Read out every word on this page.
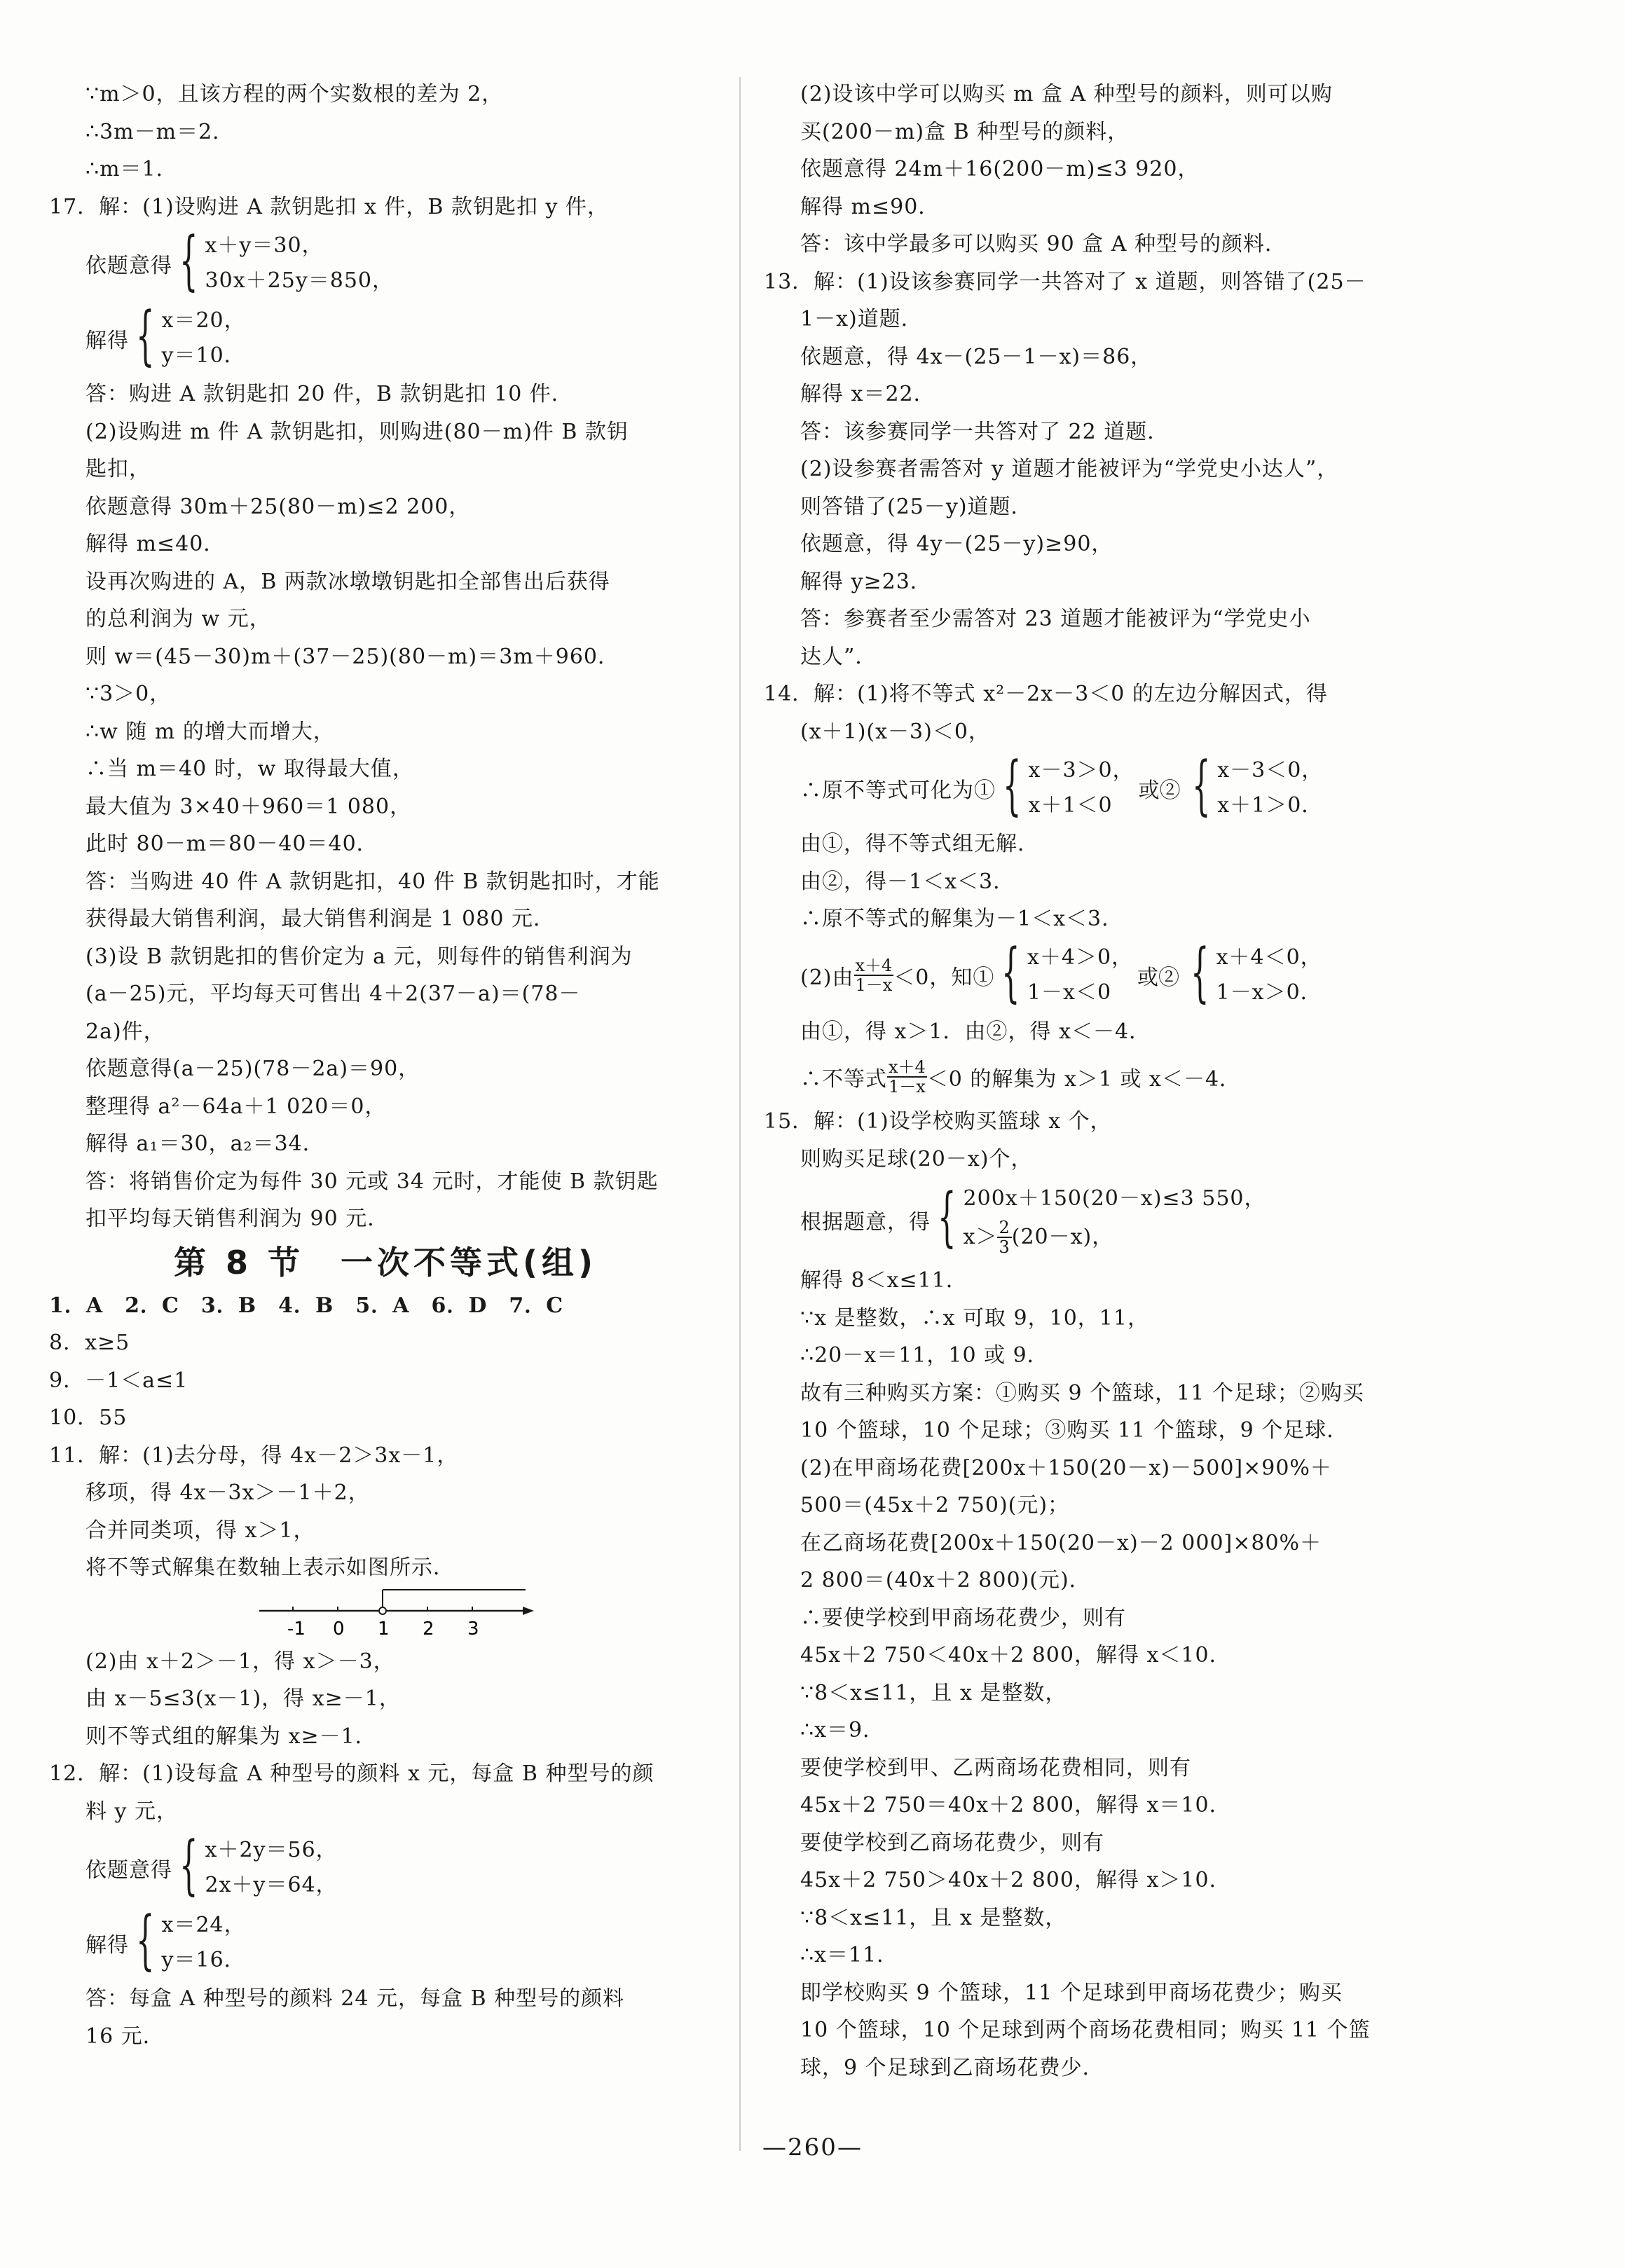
∵m＞0，且该方程的两个实数根的差为 2，
∴3m－m＝2．
∴m＝1．
17．解：(1)设购进 A 款钥匙扣 x 件，B 款钥匙扣 y 件，
依题意得 { x＋y＝30，
30x＋25y＝850，
解得 { x＝20，
y＝10．
答：购进 A 款钥匙扣 20 件，B 款钥匙扣 10 件．
(2)设购进 m 件 A 款钥匙扣，则购进(80－m)件 B 款钥
匙扣，
依题意得 30m＋25(80－m)≤2 200，
解得 m≤40．
设再次购进的 A，B 两款冰墩墩钥匙扣全部售出后获得
的总利润为 w 元，
则 w＝(45－30)m＋(37－25)(80－m)＝3m＋960．
∵3＞0，
∴w 随 m 的增大而增大，
∴当 m＝40 时，w 取得最大值，
最大值为 3×40＋960＝1 080，
此时 80－m＝80－40＝40．
答：当购进 40 件 A 款钥匙扣，40 件 B 款钥匙扣时，才能
获得最大销售利润，最大销售利润是 1 080 元．
(3)设 B 款钥匙扣的售价定为 a 元，则每件的销售利润为
(a－25)元，平均每天可售出 4＋2(37－a)＝(78－
2a)件，
依题意得(a－25)(78－2a)＝90，
整理得 a²－64a＋1 020＝0，
解得 a₁＝30，a₂＝34．
答：将销售价定为每件 30 元或 34 元时，才能使 B 款钥匙
扣平均每天销售利润为 90 元．
第 8 节　一次不等式(组)
1．A　2．C　3．B　4．B　5．A　6．D　7．C
8．x≥5
9．－1＜a≤1
10．55
11．解：(1)去分母，得 4x－2＞3x－1，
移项，得 4x－3x＞－1＋2，
合并同类项，得 x＞1，
将不等式解集在数轴上表示如图所示．
-1 0 1 2 3
(2)由 x＋2＞－1，得 x＞－3，
由 x－5≤3(x－1)，得 x≥－1，
则不等式组的解集为 x≥－1．
12．解：(1)设每盒 A 种型号的颜料 x 元，每盒 B 种型号的颜
料 y 元，
依题意得 { x＋2y＝56，
2x＋y＝64，
解得 { x＝24，
y＝16．
答：每盒 A 种型号的颜料 24 元，每盒 B 种型号的颜料
16 元．
(2)设该中学可以购买 m 盒 A 种型号的颜料，则可以购
买(200－m)盒 B 种型号的颜料，
依题意得 24m＋16(200－m)≤3 920，
解得 m≤90．
答：该中学最多可以购买 90 盒 A 种型号的颜料．
13．解：(1)设该参赛同学一共答对了 x 道题，则答错了(25－
1－x)道题．
依题意，得 4x－(25－1－x)＝86，
解得 x＝22．
答：该参赛同学一共答对了 22 道题．
(2)设参赛者需答对 y 道题才能被评为“学党史小达人”，
则答错了(25－y)道题．
依题意，得 4y－(25－y)≥90，
解得 y≥23．
答：参赛者至少需答对 23 道题才能被评为“学党史小
达人”．
14．解：(1)将不等式 x²－2x－3＜0 的左边分解因式，得
(x＋1)(x－3)＜0，
∴原不等式可化为① { x－3＞0，
x＋1＜0
或② { x－3＜0，
x＋1＞0．
由①，得不等式组无解．
由②，得－1＜x＜3．
∴原不等式的解集为－1＜x＜3．
(2)由 $\frac{x+4}{1-x} <0$，知① { x＋4＞0，
1－x＜0
或② { x＋4＜0，
1－x＞0．
由①，得 x＞1．由②，得 x＜－4．
∴不等式 $\frac{x+4}{1-x} <0$ 的解集为 x＞1 或 x＜－4．
15．解：(1)设学校购买篮球 x 个，
则购买足球(20－x)个，
根据题意，得 { 200x＋150(20－x)≤3 550，
$x> \frac{2}{3} (20-x)$，
解得 8＜x≤11．
∵x 是整数，∴x 可取 9，10，11，
∴20－x＝11，10 或 9．
故有三种购买方案：①购买 9 个篮球，11 个足球；②购买
10 个篮球，10 个足球；③购买 11 个篮球，9 个足球．
(2)在甲商场花费[200x＋150(20－x)－500]×90%＋
500＝(45x＋2 750)(元)；
在乙商场花费[200x＋150(20－x)－2 000]×80%＋
2 800＝(40x＋2 800)(元)．
∴要使学校到甲商场花费少，则有
45x＋2 750＜40x＋2 800，解得 x＜10．
∵8＜x≤11，且 x 是整数，
∴x＝9．
要使学校到甲、乙两商场花费相同，则有
45x＋2 750＝40x＋2 800，解得 x＝10．
要使学校到乙商场花费少，则有
45x＋2 750＞40x＋2 800，解得 x＞10．
∵8＜x≤11，且 x 是整数，
∴x＝11．
即学校购买 9 个篮球，11 个足球到甲商场花费少；购买
10 个篮球，10 个足球到两个商场花费相同；购买 11 个篮
球，9 个足球到乙商场花费少．
—260—
